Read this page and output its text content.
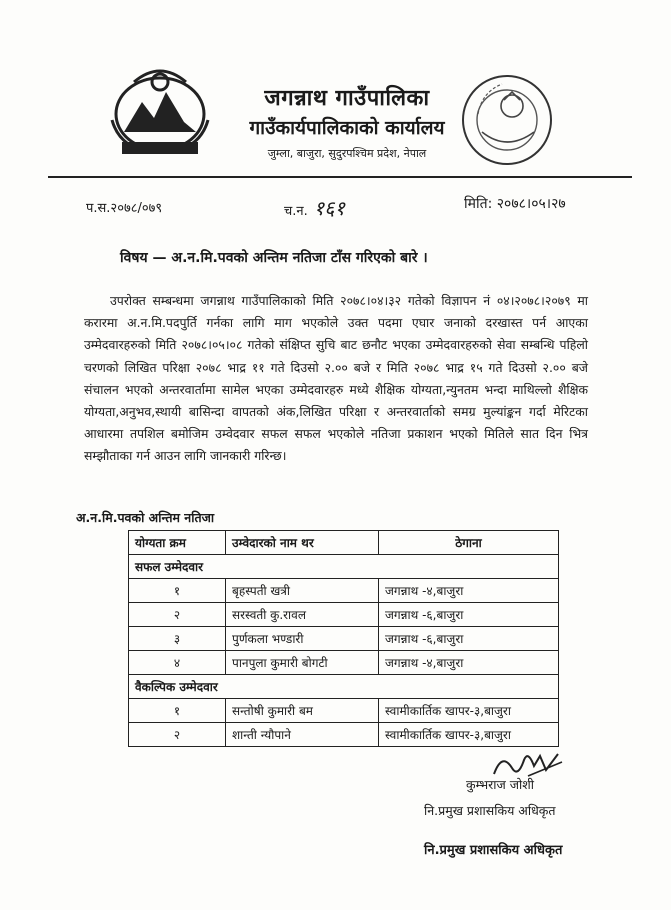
जगन्नाथ गाउँपालिका
गाउँकार्यपालिकाको कार्यालय
जुम्ला, बाजुरा, सुदुरपश्चिम प्रदेश, नेपाल
प.स.२०७८/०७९	च.न. १६१	मिति: २०७८।०५।२७
विषय — अ.न.मि.पवको अन्तिम नतिजा टाँस गरिएको बारे ।
उपरोक्त सम्बन्धमा जगन्नाथ गाउँपालिकाको मिति २०७८।०४।३२ गतेको विज्ञापन नं ०४।२०७८।२०७९ मा करारमा अ.न.मि.पदपुर्ति गर्नका लागि माग भएकोले उक्त पदमा एघार जनाको दरखास्त पर्न आएका उम्मेदवारहरुको मिति २०७८।०५।०८ गतेको संक्षिप्त सुचि बाट छनौट भएका उम्मेदवारहरुको सेवा सम्बन्धि पहिलो चरणको लिखित परिक्षा २०७८ भाद्र ११ गते दिउसो २.०० बजे र मिति २०७८ भाद्र १५ गते दिउसो २.०० बजे संचालन भएको अन्तरवार्तामा सामेल भएका उम्मेदवारहरु मध्ये शैक्षिक योग्यता,न्युनतम भन्दा माथिल्लो शैक्षिक योग्यता,अनुभव,स्थायी बासिन्दा वापतको अंक,लिखित परिक्षा र अन्तरवार्ताको समग्र मुल्यांङ्कन गर्दा मेरिटका आधारमा तपशिल बमोजिम उम्वेदवार सफल सफल भएकोले नतिजा प्रकाशन भएको मितिले सात दिन भित्र सम्झौताका गर्न आउन लागि जानकारी गरिन्छ।
अ.न.मि.पवको अन्तिम नतिजा
योग्यता क्रम	उम्वेदारको नाम थर	ठेगाना
सफल उम्मेदवार		
१	बृहस्पती खत्री	जगन्नाथ -४,बाजुरा
२	सरस्वती कु.रावल	जगन्नाथ -६,बाजुरा
३	पुर्णकला भण्डारी	जगन्नाथ -६,बाजुरा
४	पानपुला कुमारी बोगटी	जगन्नाथ -४,बाजुरा
वैकल्पिक उम्मेदवार		
१	सन्तोषी कुमारी बम	स्वामीकार्तिक खापर-३,बाजुरा
२	शान्ती न्यौपाने	स्वामीकार्तिक खापर-३,बाजुरा
कुम्भराज जोशी
नि.प्रमुख प्रशासकिय अधिकृत
नि.प्रमुख प्रशासकिय अधिकृत
